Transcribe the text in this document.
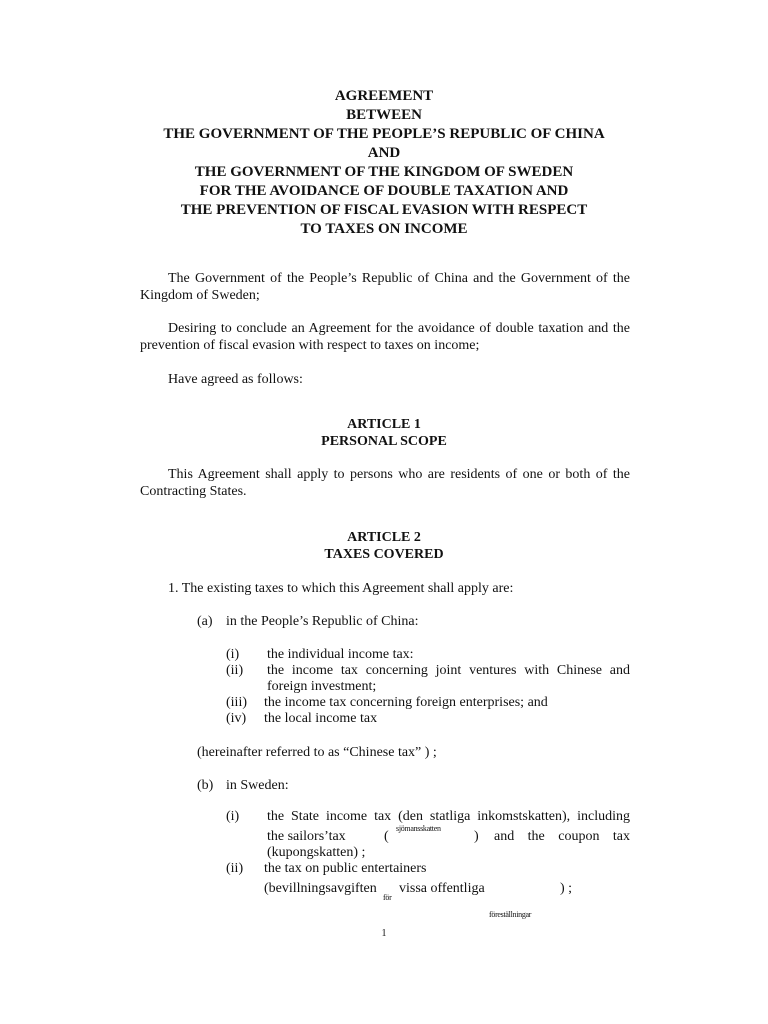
AGREEMENT
BETWEEN
THE GOVERNMENT OF THE PEOPLE’S REPUBLIC OF CHINA
AND
THE GOVERNMENT OF THE KINGDOM OF SWEDEN
FOR THE AVOIDANCE OF DOUBLE TAXATION AND
THE PREVENTION OF FISCAL EVASION WITH RESPECT
TO TAXES ON INCOME
The Government of the People’s Republic of China and the Government of the
Kingdom of Sweden;
Desiring to conclude an Agreement for the avoidance of double taxation and the
prevention of fiscal evasion with respect to taxes on income;
Have agreed as follows:
ARTICLE 1
PERSONAL SCOPE
This Agreement shall apply to persons who are residents of one or both of the
Contracting States.
ARTICLE 2
TAXES COVERED
1. The existing taxes to which this Agreement shall apply are:
(a) in the People’s Republic of China:
(i) the individual income tax:
(ii) the income tax concerning joint ventures with Chinese and
foreign investment;
(iii) the income tax concerning foreign enterprises; and
(iv) the local income tax
(hereinafter referred to as “Chinese tax” ) ;
(b) in Sweden:
(i) the State income tax (den statliga inkomstskatten), including
the sailors’tax	(
sjömansskatten
) and the coupon tax
(kupongskatten) ;
(ii) the tax on public entertainers
(bevillningsavgiften
för
vissa offentliga
föreställningar
) ;
1
